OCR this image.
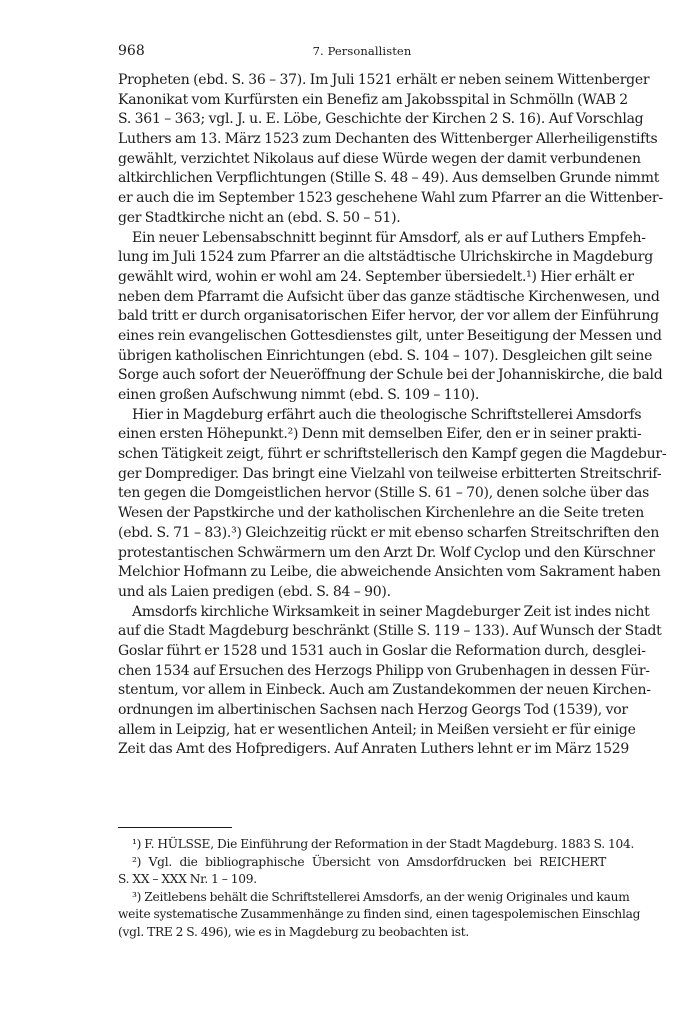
968	7. Personallisten
Propheten (ebd. S. 36 – 37). Im Juli 1521 erhält er neben seinem Wittenberger
Kanonikat vom Kurfürsten ein Benefiz am Jakobsspital in Schmölln (WAB 2
S. 361 – 363; vgl. J. u. E. Löbe, Geschichte der Kirchen 2 S. 16). Auf Vorschlag
Luthers am 13. März 1523 zum Dechanten des Wittenberger Allerheiligenstifts
gewählt, verzichtet Nikolaus auf diese Würde wegen der damit verbundenen
altkirchlichen Verpflichtungen (Stille S. 48 – 49). Aus demselben Grunde nimmt
er auch die im September 1523 geschehene Wahl zum Pfarrer an die Wittenber-
ger Stadtkirche nicht an (ebd. S. 50 – 51).
Ein neuer Lebensabschnitt beginnt für Amsdorf, als er auf Luthers Empfeh-
lung im Juli 1524 zum Pfarrer an die altstädtische Ulrichskirche in Magdeburg
gewählt wird, wohin er wohl am 24. September übersiedelt.¹) Hier erhält er
neben dem Pfarramt die Aufsicht über das ganze städtische Kirchenwesen, und
bald tritt er durch organisatorischen Eifer hervor, der vor allem der Einführung
eines rein evangelischen Gottesdienstes gilt, unter Beseitigung der Messen und
übrigen katholischen Einrichtungen (ebd. S. 104 – 107). Desgleichen gilt seine
Sorge auch sofort der Neueröffnung der Schule bei der Johanniskirche, die bald
einen großen Aufschwung nimmt (ebd. S. 109 – 110).
Hier in Magdeburg erfährt auch die theologische Schriftstellerei Amsdorfs
einen ersten Höhepunkt.²) Denn mit demselben Eifer, den er in seiner prakti-
schen Tätigkeit zeigt, führt er schriftstellerisch den Kampf gegen die Magdebur-
ger Domprediger. Das bringt eine Vielzahl von teilweise erbitterten Streitschrif-
ten gegen die Domgeistlichen hervor (Stille S. 61 – 70), denen solche über das
Wesen der Papstkirche und der katholischen Kirchenlehre an die Seite treten
(ebd. S. 71 – 83).³) Gleichzeitig rückt er mit ebenso scharfen Streitschriften den
protestantischen Schwärmern um den Arzt Dr. Wolf Cyclop und den Kürschner
Melchior Hofmann zu Leibe, die abweichende Ansichten vom Sakrament haben
und als Laien predigen (ebd. S. 84 – 90).
Amsdorfs kirchliche Wirksamkeit in seiner Magdeburger Zeit ist indes nicht
auf die Stadt Magdeburg beschränkt (Stille S. 119 – 133). Auf Wunsch der Stadt
Goslar führt er 1528 und 1531 auch in Goslar die Reformation durch, desglei-
chen 1534 auf Ersuchen des Herzogs Philipp von Grubenhagen in dessen Für-
stentum, vor allem in Einbeck. Auch am Zustandekommen der neuen Kirchen-
ordnungen im albertinischen Sachsen nach Herzog Georgs Tod (1539), vor
allem in Leipzig, hat er wesentlichen Anteil; in Meißen versieht er für einige
Zeit das Amt des Hofpredigers. Auf Anraten Luthers lehnt er im März 1529
¹) F. HÜLSSE, Die Einführung der Reformation in der Stadt Magdeburg. 1883 S. 104.
²) Vgl. die bibliographische Übersicht von Amsdorfdrucken bei REICHERT
S. XX – XXX Nr. 1 – 109.
³) Zeitlebens behält die Schriftstellerei Amsdorfs, an der wenig Originales und kaum
weite systematische Zusammenhänge zu finden sind, einen tagespolemischen Einschlag
(vgl. TRE 2 S. 496), wie es in Magdeburg zu beobachten ist.
